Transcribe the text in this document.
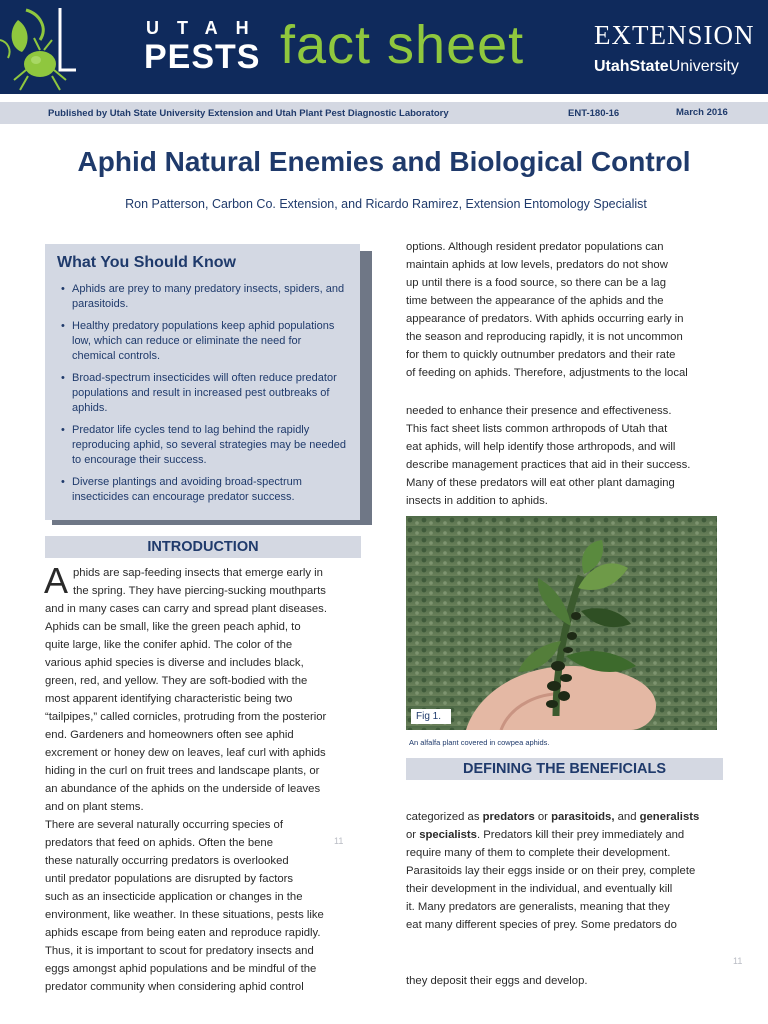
UTAH
PESTS fact sheet	EXTENSION
UtahStateUniversity
Published by Utah State University Extension and Utah Plant Pest Diagnostic Laboratory	ENT-180-16	March 2016
Aphid Natural Enemies and Biological Control
Ron Patterson, Carbon Co. Extension, and Ricardo Ramirez, Extension Entomology Specialist
What You Should Know
• Aphids are prey to many predatory insects, spiders, and parasitoids.
• Healthy predatory populations keep aphid populations low, which can reduce or eliminate the need for chemical controls.
• Broad-spectrum insecticides will often reduce predator populations and result in increased pest outbreaks of aphids.
• Predator life cycles tend to lag behind the rapidly reproducing aphid, so several strategies may be needed to encourage their success.
• Diverse plantings and avoiding broad-spectrum insecticides can encourage predator success.
INTRODUCTION
A phids are sap-feeding insects that emerge early in
the spring. They have piercing-sucking mouthparts
and in many cases can carry and spread plant diseases.
Aphids can be small, like the green peach aphid, to
quite large, like the conifer aphid. The color of the
various aphid species is diverse and includes black,
green, red, and yellow. They are soft-bodied with the
most apparent identifying characteristic being two
“tailpipes,” called cornicles, protruding from the posterior
end. Gardeners and homeowners often see aphid
excrement or honey dew on leaves, leaf curl with aphids
hiding in the curl on fruit trees and landscape plants, or
an abundance of the aphids on the underside of leaves
and on plant stems.
There are several naturally occurring species of
predators that feed on aphids. Often the bene
these naturally occurring predators is overlooked
until predator populations are disrupted by factors
such as an insecticide application or changes in the
environment, like weather. In these situations, pests like
aphids escape from being eaten and reproduce rapidly.
Thus, it is important to scout for predatory insects and
eggs amongst aphid populations and be mindful of the
predator community when considering aphid control
11
options. Although resident predator populations can
maintain aphids at low levels, predators do not show
up until there is a food source, so there can be a lag
time between the appearance of the aphids and the
appearance of predators. With aphids occurring early in
the season and reproducing rapidly, it is not uncommon
for them to quickly outnumber predators and their rate
of feeding on aphids. Therefore, adjustments to the local
needed to enhance their presence and effectiveness.
This fact sheet lists common arthropods of Utah that
eat aphids, will help identify those arthropods, and will
describe management practices that aid in their success.
Many of these predators will eat other plant damaging
insects in addition to aphids.
Fig 1.
An alfalfa plant covered in cowpea aphids.
DEFINING THE BENEFICIALS
categorized as predators or parasitoids, and generalists
or specialists. Predators kill their prey immediately and
require many of them to complete their development.
Parasitoids lay their eggs inside or on their prey, complete
their development in the individual, and eventually kill
it. Many predators are generalists, meaning that they
eat many different species of prey. Some predators do
11
they deposit their eggs and develop.
